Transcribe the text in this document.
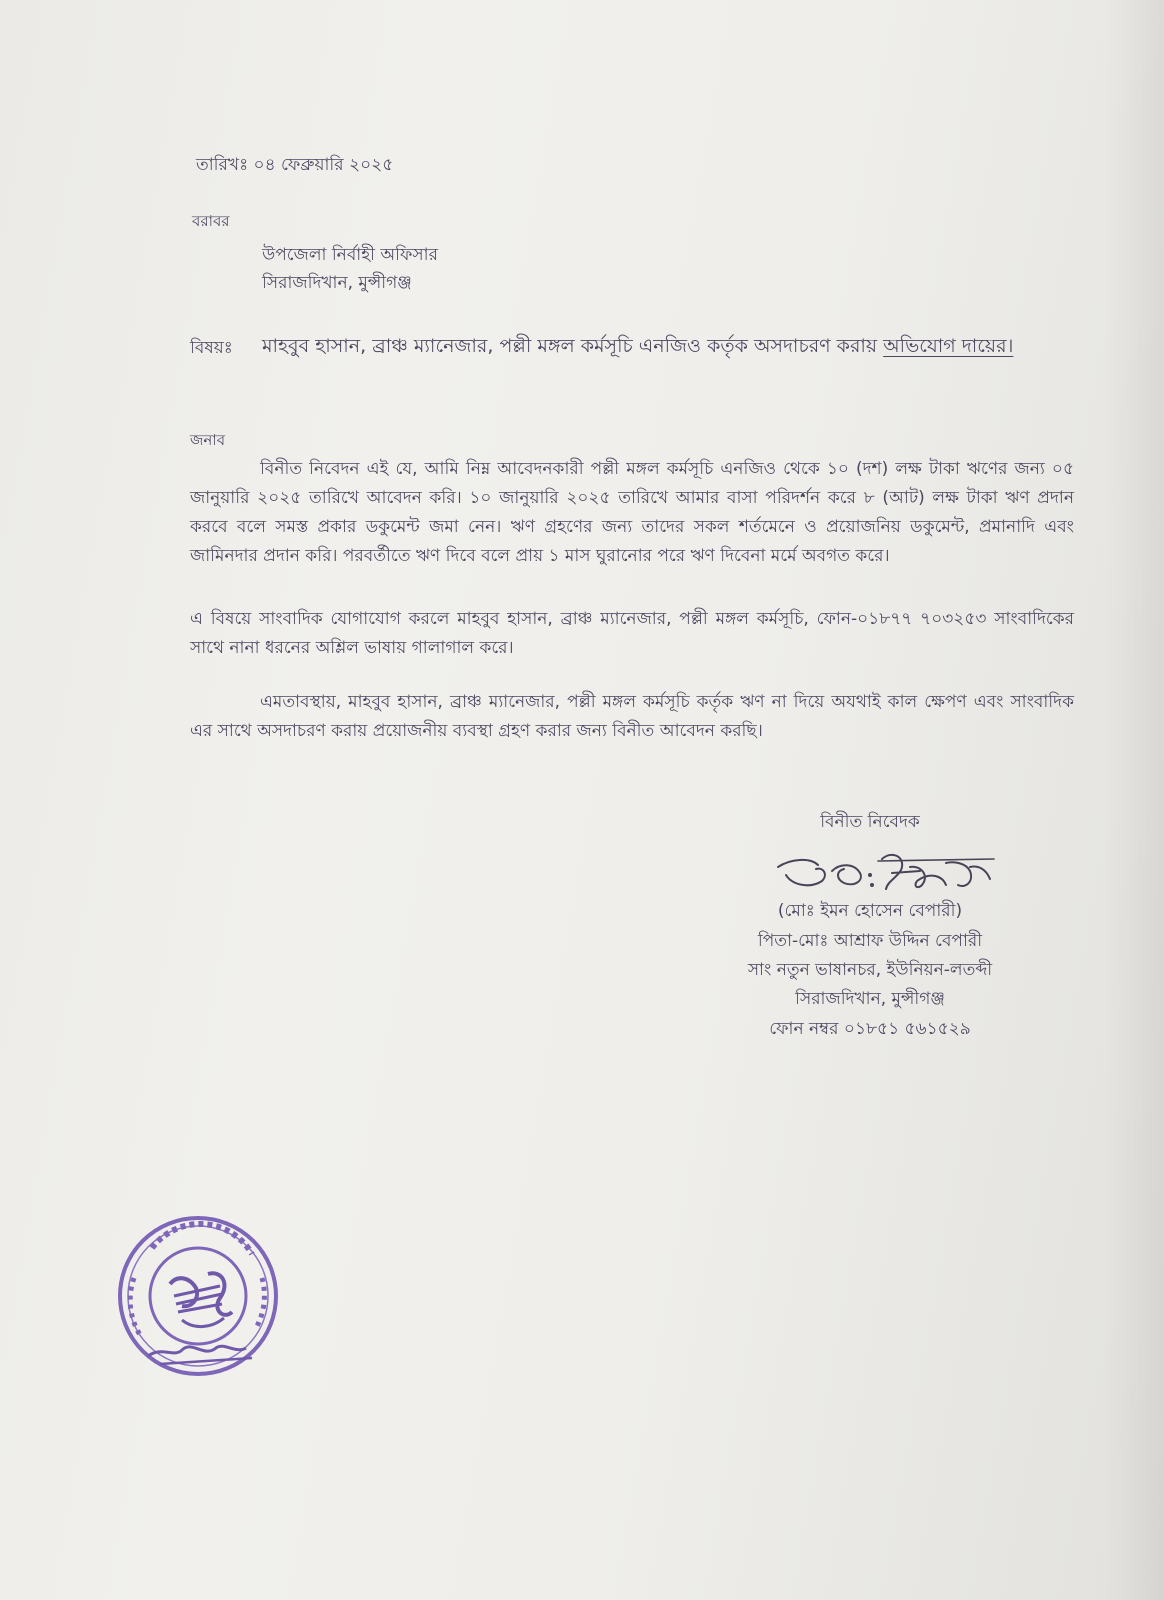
তারিখঃ ০৪ ফেব্রুয়ারি ২০২৫
বরাবর
উপজেলা নির্বাহী অফিসার
সিরাজদিখান, মুন্সীগঞ্জ
বিষয়ঃ মাহবুব হাসান, ব্রাঞ্চ ম্যানেজার, পল্লী মঙ্গল কর্মসূচি এনজিও কর্তৃক অসদাচরণ করায় অভিযোগ দায়ের।
জনাব
বিনীত নিবেদন এই যে, আমি নিম্ন আবেদনকারী পল্লী মঙ্গল কর্মসূচি এনজিও থেকে ১০ (দশ) লক্ষ টাকা ঋণের জন্য ০৫ জানুয়ারি ২০২৫ তারিখে আবেদন করি। ১০ জানুয়ারি ২০২৫ তারিখে আমার বাসা পরিদর্শন করে ৮ (আট) লক্ষ টাকা ঋণ প্রদান করবে বলে সমস্ত প্রকার ডকুমেন্ট জমা নেন। ঋণ গ্রহণের জন্য তাদের সকল শর্তমেনে ও প্রয়োজনিয় ডকুমেন্ট, প্রমানাদি এবং জামিনদার প্রদান করি। পরবর্তীতে ঋণ দিবে বলে প্রায় ১ মাস ঘুরানোর পরে ঋণ দিবেনা মর্মে অবগত করে।
এ বিষয়ে সাংবাদিক যোগাযোগ করলে মাহবুব হাসান, ব্রাঞ্চ ম্যানেজার, পল্লী মঙ্গল কর্মসূচি, ফোন-০১৮৭৭ ৭০৩২৫৩ সাংবাদিকের সাথে নানা ধরনের অশ্লিল ভাষায় গালাগাল করে।
এমতাবস্থায়, মাহবুব হাসান, ব্রাঞ্চ ম্যানেজার, পল্লী মঙ্গল কর্মসূচি কর্তৃক ঋণ না দিয়ে অযথাই কাল ক্ষেপণ এবং সাংবাদিক এর সাথে অসদাচরণ করায় প্রয়োজনীয় ব্যবস্থা গ্রহণ করার জন্য বিনীত আবেদন করছি।
বিনীত নিবেদক
(মোঃ ইমন হোসেন বেপারী)
পিতা-মোঃ আশ্রাফ উদ্দিন বেপারী
সাং নতুন ভাষানচর, ইউনিয়ন-লতব্দী
সিরাজদিখান, মুন্সীগঞ্জ
ফোন নম্বর ০১৮৫১ ৫৬১৫২৯
